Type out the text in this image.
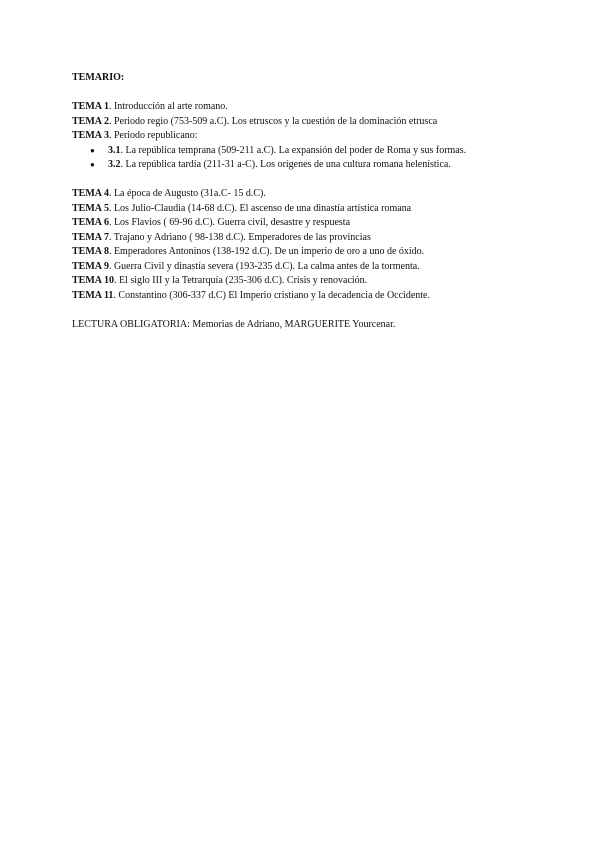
TEMARIO:

TEMA 1. Introducción al arte romano.

TEMA 2. Periodo regio (753-509 a.C). Los etruscos y la cuestión de la dominación etrusca

TEMA 3. Periodo republicano:

● 3.1. La república temprana (509-211 a.C). La expansión del poder de Roma y sus formas.
● 3.2. La república tardía (211-31 a-C). Los orígenes de una cultura romana helenística.

TEMA 4. La época de Augusto (31a.C- 15 d.C).

TEMA 5. Los Julio-Claudia (14-68 d.C). El ascenso de una dinastía artística romana

TEMA 6. Los Flavios ( 69-96 d.C). Guerra civil, desastre y respuesta

TEMA 7. Trajano y Adriano ( 98-138 d.C). Emperadores de las provincias

TEMA 8. Emperadores Antoninos (138-192 d.C). De un imperio de oro a uno de óxido.

TEMA 9. Guerra Civil y dinastía severa (193-235 d.C). La calma antes de la tormenta.

TEMA 10. El siglo III y la Tetrarquía (235-306 d.C). Crisis y renovación.

TEMA 11. Constantino (306-337 d.C) El Imperio cristiano y la decadencia de Occidente.

LECTURA OBLIGATORIA: Memorias de Adriano, MARGUERITE Yourcenar.
